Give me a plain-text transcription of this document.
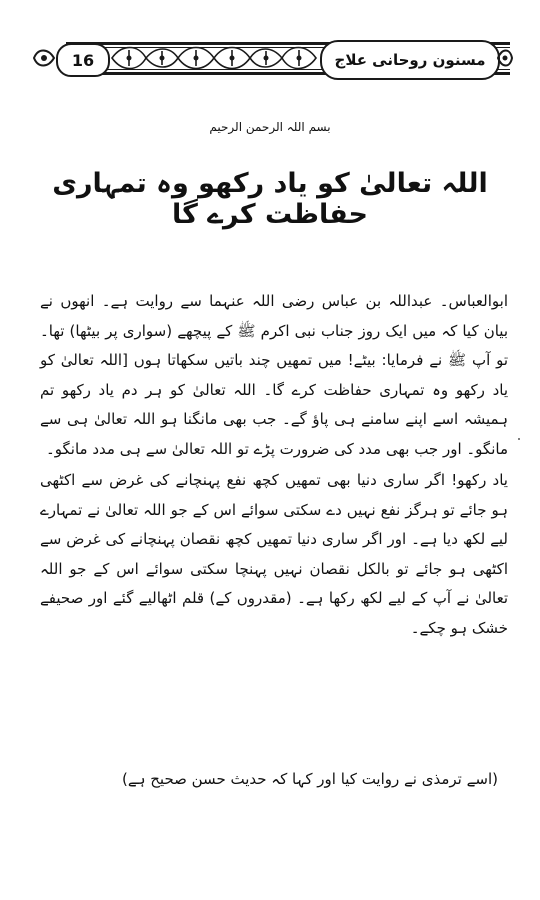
16	مسنون روحانی علاج
بسم اللہ الرحمن الرحیم
اللہ تعالیٰ کو یاد رکھو وہ تمہاری حفاظت کرے گا

ابوالعباس۔ عبداللہ بن عباس رضی اللہ عنہما سے روایت ہے۔ انھوں نے بیان کیا کہ میں ایک روز جناب نبی اکرم ﷺ کے پیچھے (سواری پر بیٹھا) تھا۔ تو آپ ﷺ نے فرمایا: بیٹے! میں تمھیں چند باتیں سکھاتا ہوں [اللہ تعالیٰ کو یاد رکھو وہ تمہاری حفاظت کرے گا۔ اللہ تعالیٰ کو ہر دم یاد رکھو تم ہمیشہ اسے اپنے سامنے ہی پاؤ گے۔ جب بھی مانگنا ہو اللہ تعالیٰ ہی سے مانگو۔ اور جب بھی مدد کی ضرورت پڑے تو اللہ تعالیٰ سے ہی مدد مانگو۔

یاد رکھو! اگر ساری دنیا بھی تمھیں کچھ نفع پہنچانے کی غرض سے اکٹھی ہو جائے تو ہرگز نفع نہیں دے سکتی سوائے اس کے جو اللہ تعالیٰ نے تمہارے لیے لکھ دیا ہے۔ اور اگر ساری دنیا تمھیں کچھ نقصان پہنچانے کی غرض سے اکٹھی ہو جائے تو بالکل نقصان نہیں پہنچا سکتی سوائے اس کے جو اللہ تعالیٰ نے آپ کے لیے لکھ رکھا ہے۔ (مقدروں کے) قلم اٹھالیے گئے اور صحیفے خشک ہو چکے۔

(اسے ترمذی نے روایت کیا اور کہا کہ حدیث حسن صحیح ہے)
